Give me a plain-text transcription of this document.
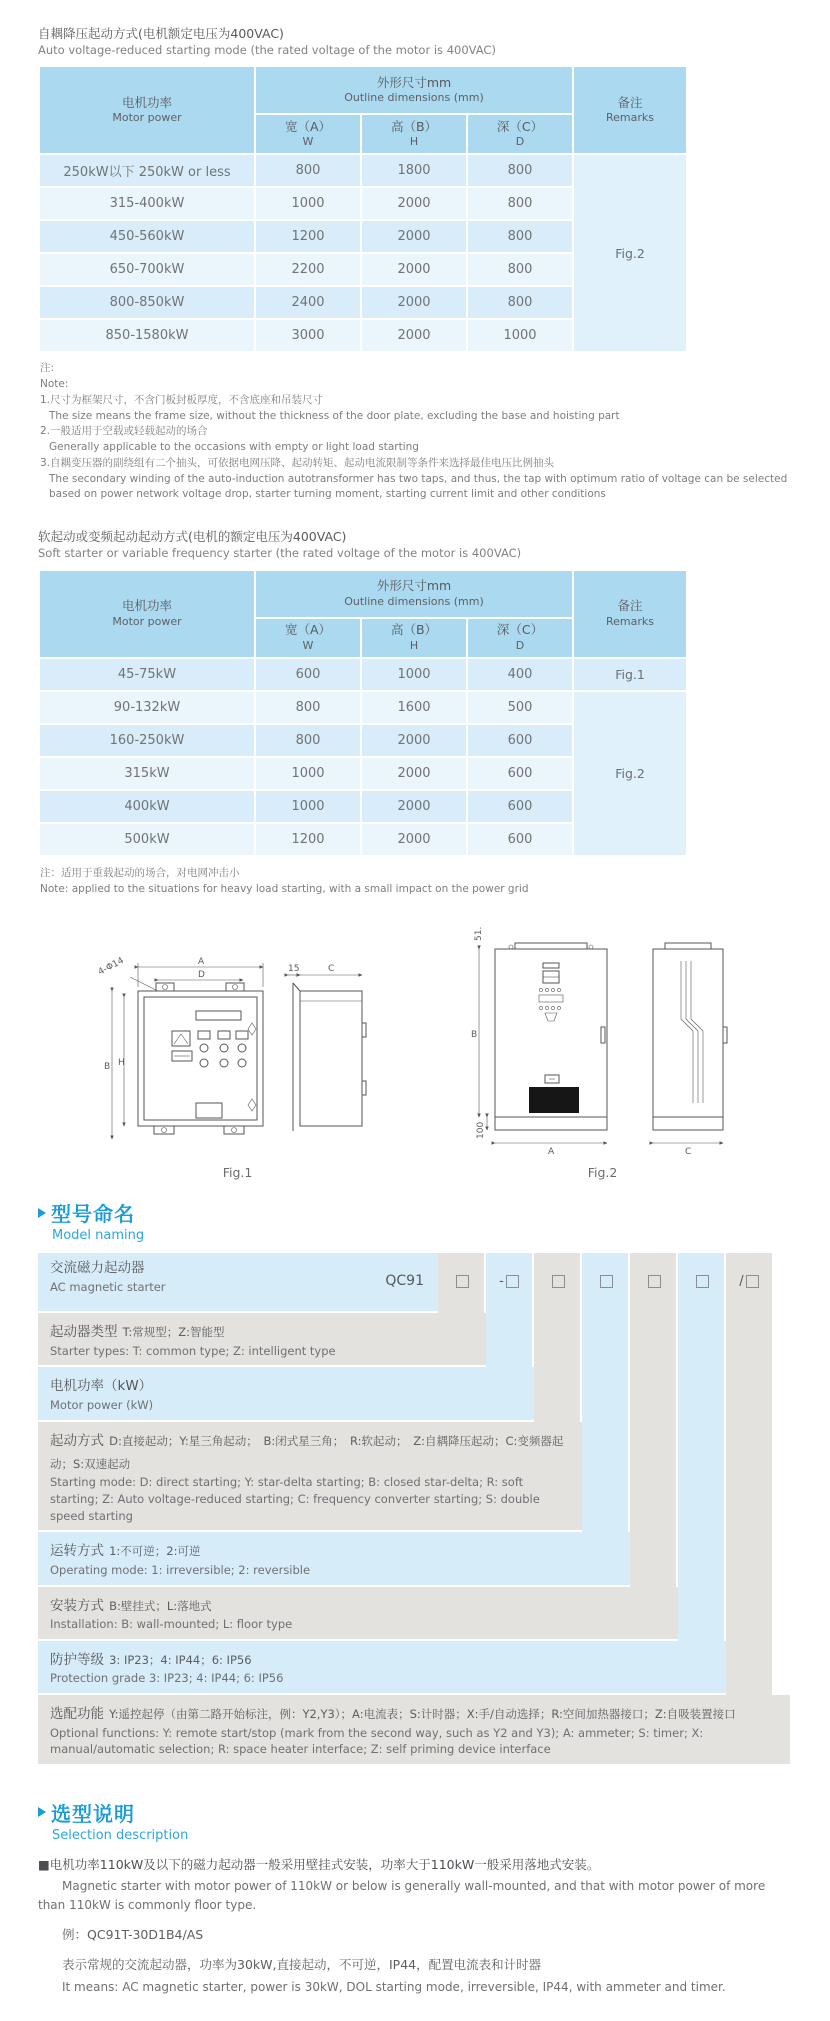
自耦降压起动方式(电机额定电压为400VAC)
Auto voltage-reduced starting mode (the rated voltage of the motor is 400VAC)
电机功率
Motor power

外形尺寸mm
Outline dimensions (mm)	备注
Remarks

宽（A）
W

高（B）
H

深（C）
D

250kW以下 250kW or less	800	1800	800	Fig.2
315-400kW	1000	2000	800	
450-560kW	1200	2000	800	
650-700kW	2200	2000	800	
800-850kW	2400	2000	800	
850-1580kW	3000	2000	1000	
注:
Note:
1.尺寸为框架尺寸，不含门板封板厚度，不含底座和吊装尺寸
The size means the frame size, without the thickness of the door plate, excluding the base and hoisting part
2.一般适用于空载或轻载起动的场合
Generally applicable to the occasions with empty or light load starting
3.自耦变压器的副绕组有二个抽头，可依据电网压降、起动转矩、起动电流限制等条件来选择最佳电压比例抽头
The secondary winding of the auto-induction autotransformer has two taps, and thus, the tap with optimum ratio of voltage can be selected based on power network voltage drop, starter turning moment, starting current limit and other conditions
软起动或变频起动起动方式(电机的额定电压为400VAC)
Soft starter or variable frequency starter (the rated voltage of the motor is 400VAC)
电机功率
Motor power

外形尺寸mm
Outline dimensions (mm)	备注
Remarks

宽（A）
W

高（B）
H

深（C）
D

45-75kW	600	1000	400	Fig.1
90-132kW	800	1600	500	Fig.2
160-250kW	800	2000	600	
315kW	1000	2000	600	
400kW	1000	2000	600	
500kW	1200	2000	600	
注：适用于重载起动的场合，对电网冲击小
Note: applied to the situations for heavy load starting, with a small impact on the power grid
A
D
4-Φ14
B H
15	C
Fig.1
51.6
B
100
A	C
Fig.2
型号命名
Model naming
-	/
交流磁力起动器
AC magnetic starter	QC91
起动器类型 T:常规型；Z:智能型
Starter types: T: common type; Z: intelligent type
电机功率（kW）
Motor power (kW)
起动方式 D:直接起动；Y:星三角起动；　B:闭式星三角；　R:软起动；　Z:自耦降压起动；C:变频器起动；S:双速起动
Starting mode: D: direct starting; Y: star-delta starting; B: closed star-delta; R: soft starting; Z: Auto voltage-reduced starting; C: frequency converter starting; S: double speed starting
运转方式 1:不可逆；2:可逆
Operating mode: 1: irreversible; 2: reversible
安装方式 B:壁挂式；L:落地式
Installation: B: wall-mounted; L: floor type
防护等级 3: IP23；4: IP44；6: IP56
Protection grade 3: IP23; 4: IP44; 6: IP56
选配功能 Y:遥控起停（由第二路开始标注，例：Y2,Y3）；A:电流表；S:计时器；X:手/自动选择；R:空间加热器接口；Z:自吸装置接口
Optional functions: Y: remote start/stop (mark from the second way, such as Y2 and Y3); A: ammeter; S: timer; X: manual/automatic selection; R: space heater interface; Z: self priming device interface
选型说明
Selection description
■电机功率110kW及以下的磁力起动器一般采用壁挂式安装，功率大于110kW一般采用落地式安装。
Magnetic starter with motor power of 110kW or below is generally wall-mounted, and that with motor power of more than 110kW is commonly floor type.
例：QC91T-30D1B4/AS
表示常规的交流起动器，功率为30kW,直接起动，不可逆，IP44，配置电流表和计时器
It means: AC magnetic starter, power is 30kW, DOL starting mode, irreversible, IP44, with ammeter and timer.
